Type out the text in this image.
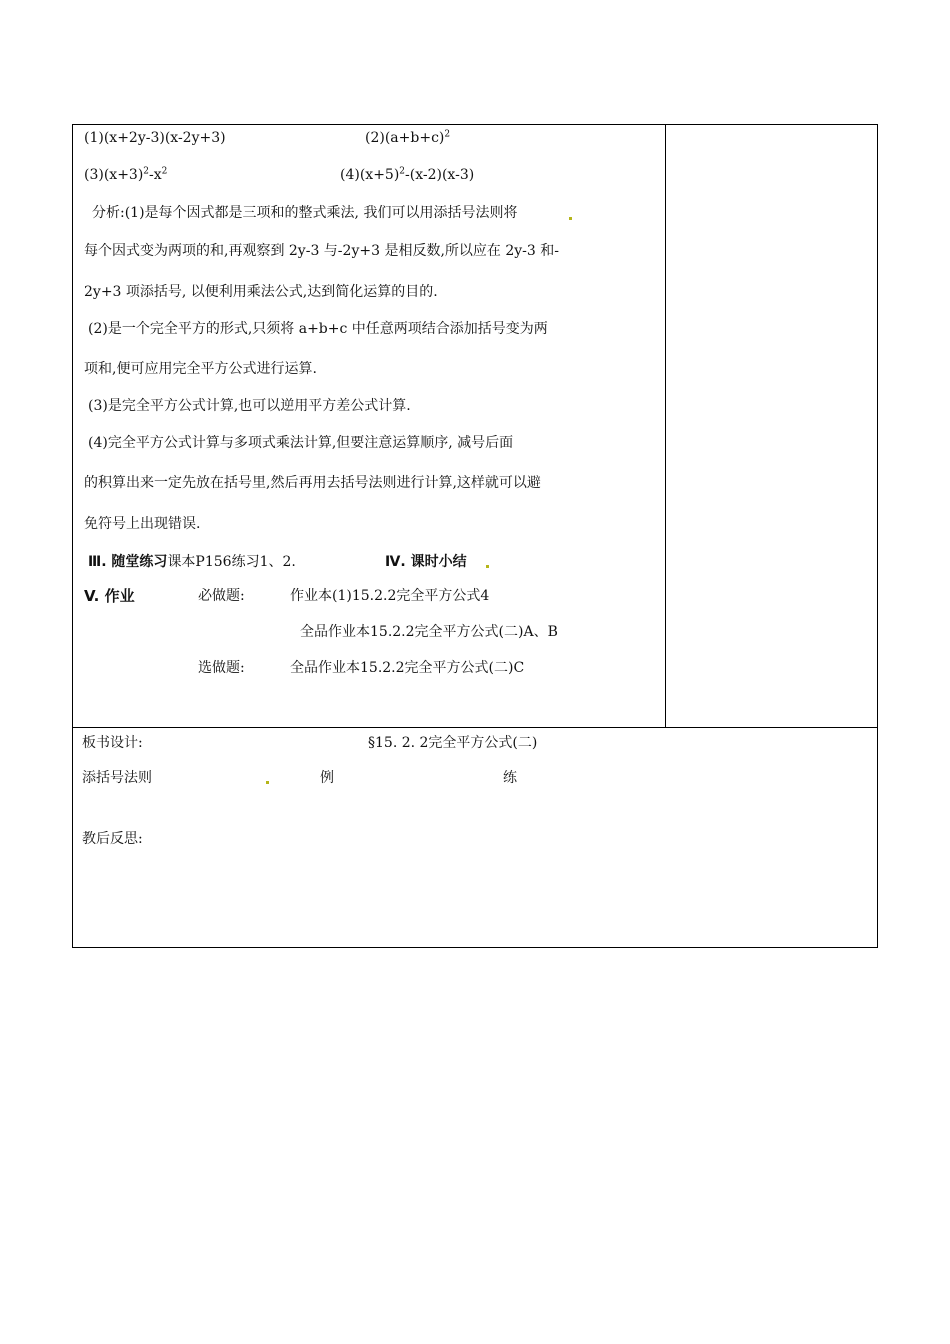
(1)(x+2y-3)(x-2y+3)	$(2)(a+b+c)^2$
$(3)(x+3)^2-x^2$	$(4)(x+5)^2-(x-2)(x-3)$
分析:(1)是每个因式都是三项和的整式乘法, 我们可以用添括号法则将
每个因式变为两项的和,再观察到 2y-3 与-2y+3 是相反数,所以应在 2y-3 和-
2y+3 项添括号, 以便利用乘法公式,达到简化运算的目的.
(2)是一个完全平方的形式,只须将 a+b+c 中任意两项结合添加括号变为两
项和,便可应用完全平方公式进行运算.
(3)是完全平方公式计算,也可以逆用平方差公式计算.
(4)完全平方公式计算与多项式乘法计算,但要注意运算顺序, 减号后面
的积算出来一定先放在括号里,然后再用去括号法则进行计算,这样就可以避
免符号上出现错误.
Ⅲ. 随堂练习课本P156练习1、2.	Ⅳ. 课时小结
V. 作业	必做题:	作业本(1)15.2.2完全平方公式4
全品作业本15.2.2完全平方公式(二)A、B
选做题:	全品作业本15.2.2完全平方公式(二)C
板书设计:	§15. 2. 2完全平方公式(二)
添括号法则	例	练
教后反思:
